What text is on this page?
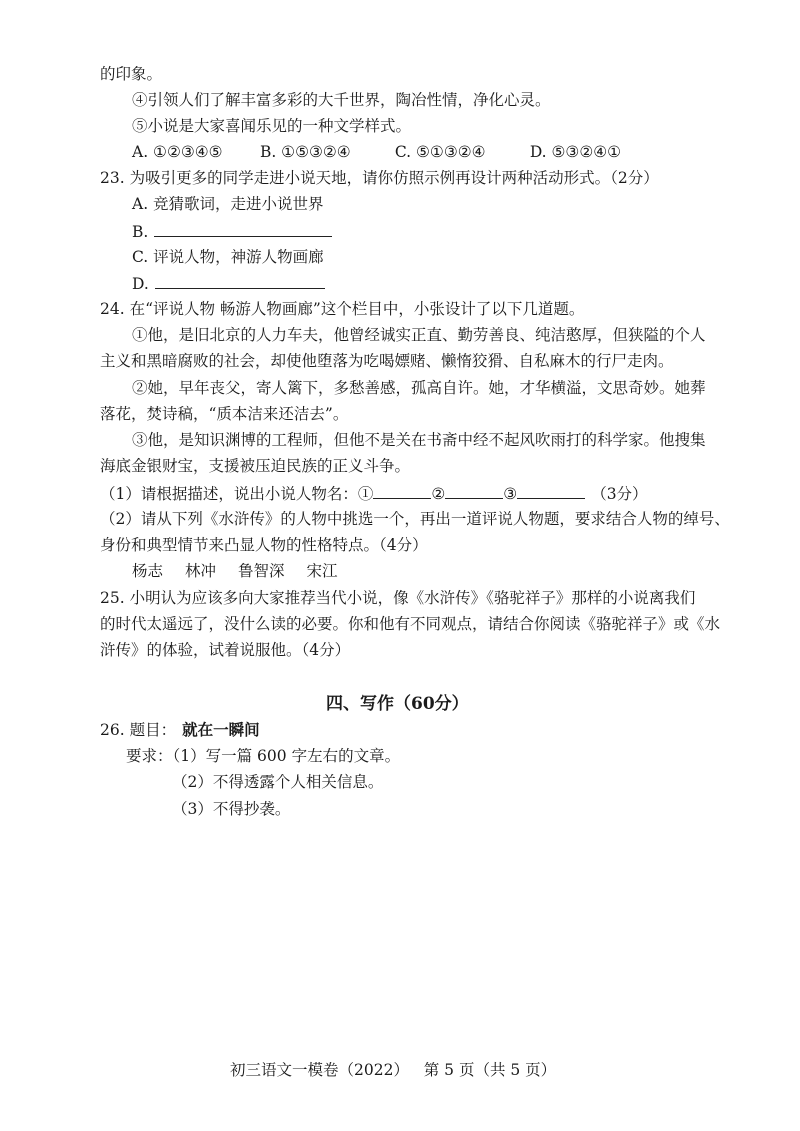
的印象。
④引领人们了解丰富多彩的大千世界，陶冶性情，净化心灵。
⑤小说是大家喜闻乐见的一种文学样式。
A. ①②③④⑤ B. ①⑤③②④	C. ⑤①③②④	D. ⑤③②④①
23. 为吸引更多的同学走进小说天地，请你仿照示例再设计两种活动形式。（2分）
A. 竞猜歌词，走进小说世界
B.
C. 评说人物，神游人物画廊
D.
24. 在“评说人物 畅游人物画廊”这个栏目中，小张设计了以下几道题。
①他，是旧北京的人力车夫，他曾经诚实正直、勤劳善良、纯洁憨厚，但狭隘的个人
主义和黑暗腐败的社会，却使他堕落为吃喝嫖赌、懒惰狡猾、自私麻木的行尸走肉。
②她，早年丧父，寄人篱下，多愁善感，孤高自许。她，才华横溢，文思奇妙。她葬
落花，焚诗稿，“质本洁来还洁去”。
③他，是知识渊博的工程师，但他不是关在书斋中经不起风吹雨打的科学家。他搜集
海底金银财宝，支援被压迫民族的正义斗争。
（1）请根据描述，说出小说人物名：①	②	③	（3分）
（2）请从下列《水浒传》的人物中挑选一个，再出一道评说人物题，要求结合人物的绰号、
身份和典型情节来凸显人物的性格特点。（4分）
杨志 林冲 鲁智深 宋江
25. 小明认为应该多向大家推荐当代小说，像《水浒传》《骆驼祥子》那样的小说离我们
的时代太遥远了，没什么读的必要。你和他有不同观点，请结合你阅读《骆驼祥子》或《水
浒传》的体验，试着说服他。（4分）
四、写作（60分）
26. 题目： 就在一瞬间
要求：（1）写一篇 600 字左右的文章。
（2）不得透露个人相关信息。
（3）不得抄袭。
初三语文一模卷（2022）   第 5 页（共 5 页）
